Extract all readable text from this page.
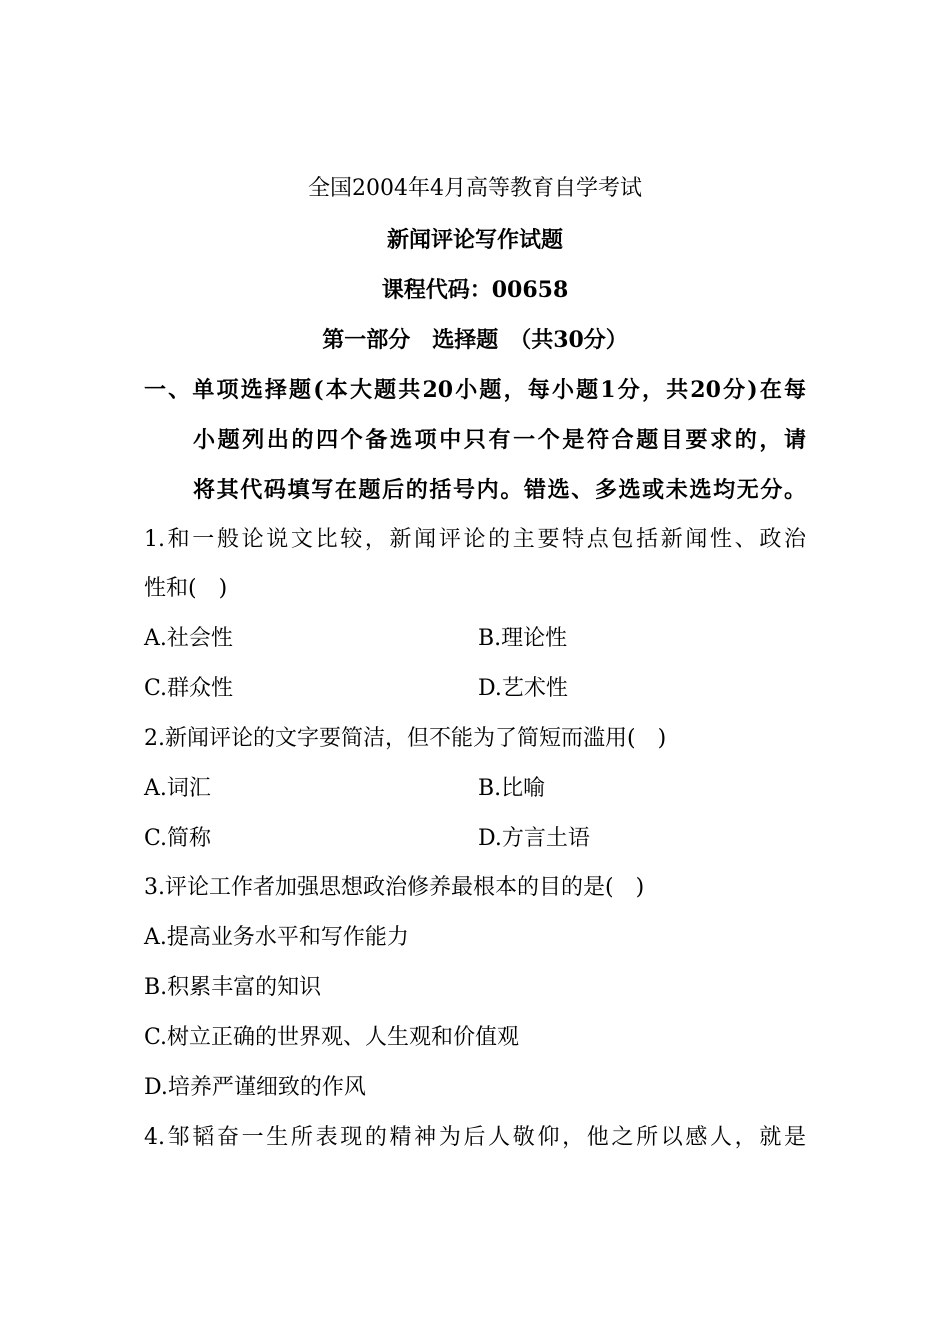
全国2004年4月高等教育自学考试
新闻评论写作试题
课程代码：00658
第一部分　选择题　（共30分）
一、单项选择题(本大题共20小题，每小题1分，共20分)在每
小题列出的四个备选项中只有一个是符合题目要求的，请
将其代码填写在题后的括号内。错选、多选或未选均无分。
1.和一般论说文比较，新闻评论的主要特点包括新闻性、政治
性和(　)
A.社会性	B.理论性
C.群众性	D.艺术性
2.新闻评论的文字要简洁，但不能为了简短而滥用(　)
A.词汇	B.比喻
C.简称	D.方言土语
3.评论工作者加强思想政治修养最根本的目的是(　)
A.提高业务水平和写作能力
B.积累丰富的知识
C.树立正确的世界观、人生观和价值观
D.培养严谨细致的作风
4.邹韬奋一生所表现的精神为后人敬仰，他之所以感人，就是
